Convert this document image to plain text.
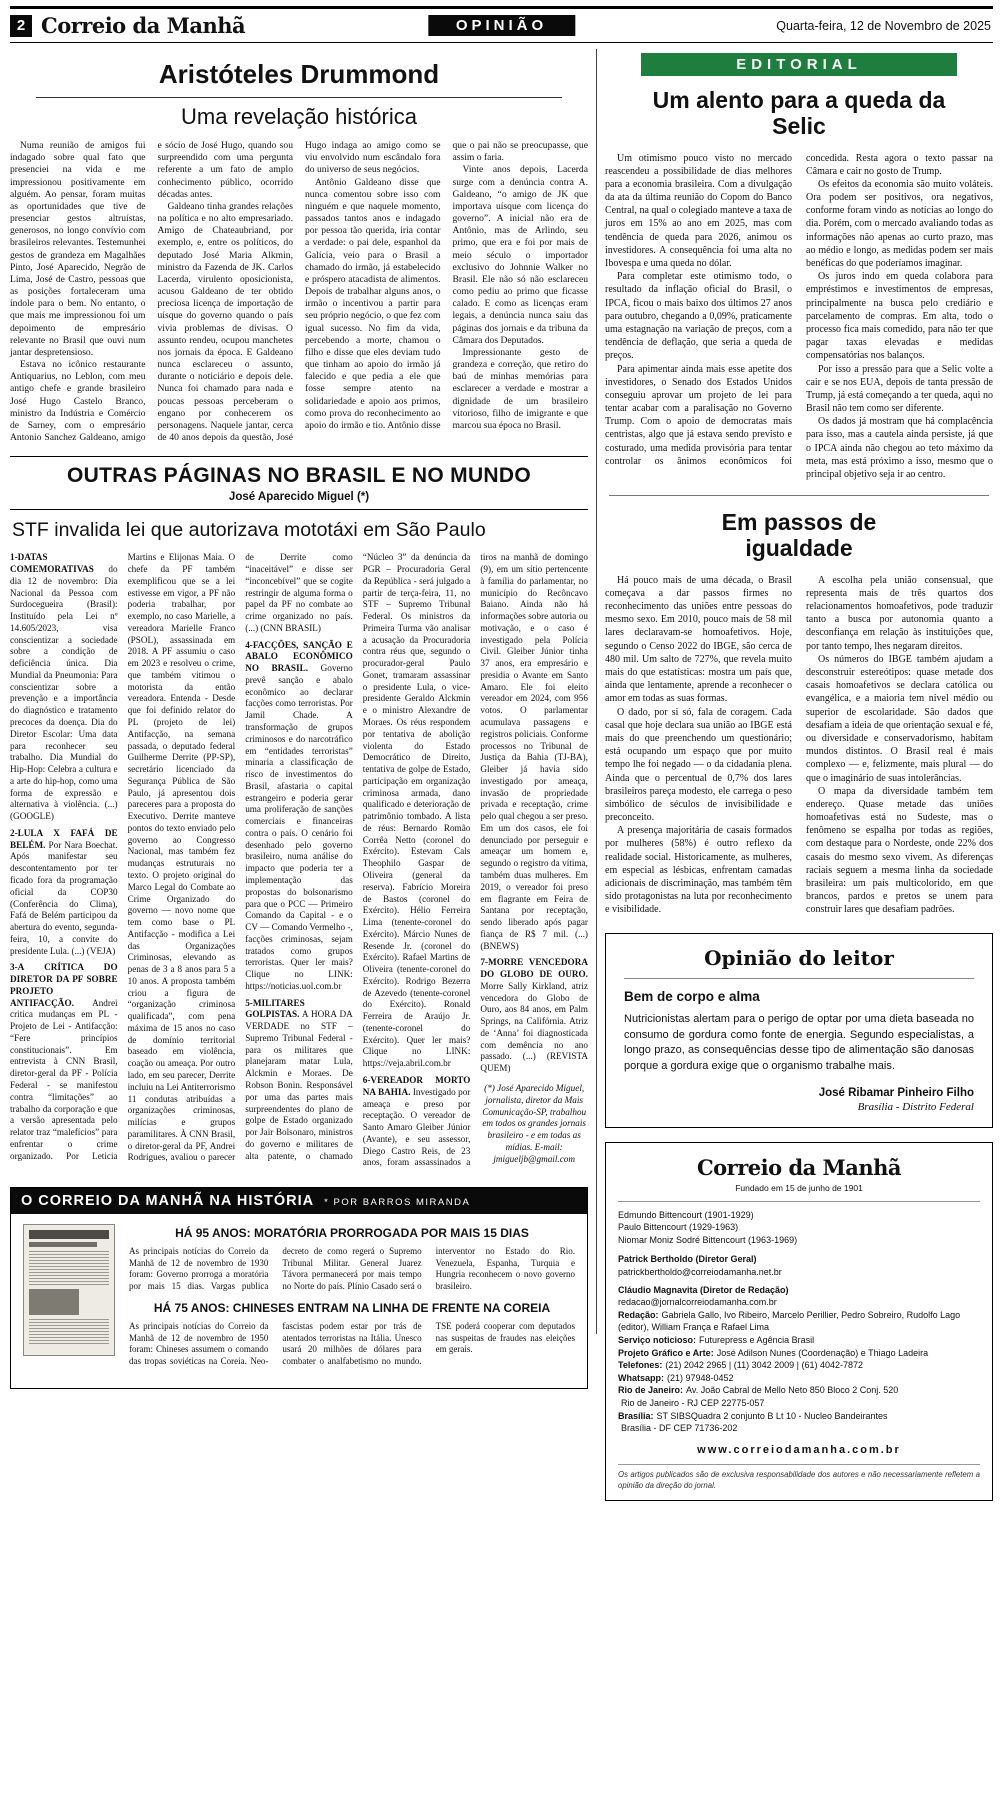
2 Correio da Manhã	OPINIÃO	Quarta-feira, 12 de Novembro de 2025
Aristóteles Drummond
Uma revelação histórica

Numa reunião de amigos fui indagado sobre qual fato que presenciei na vida e me impressionou positivamente em alguém. Ao pensar, foram muitas as oportunidades que tive de presenciar gestos altruístas, generosos, no longo convívio com brasileiros relevantes. Testemunhei gestos de grandeza em Magalhães Pinto, José Aparecido, Negrão de Lima, José de Castro, pessoas que as posições fortaleceram uma índole para o bem. No entanto, o que mais me impressionou foi um depoimento de empresário relevante no Brasil que ouvi num jantar despretensioso.

Estava no icônico restaurante Antiquarius, no Leblon, com meu antigo chefe e grande brasileiro José Hugo Castelo Branco, ministro da Indústria e Comércio de Sarney, com o empresário Antonio Sanchez Galdeano, amigo e sócio de José Hugo, quando sou surpreendido com uma pergunta referente a um fato de amplo conhecimento público, ocorrido décadas antes.

Galdeano tinha grandes relações na política e no alto empresariado. Amigo de Chateaubriand, por exemplo, e, entre os políticos, do deputado José Maria Alkmin, ministro da Fazenda de JK. Carlos Lacerda, virulento oposicionista, acusou Galdeano de ter obtido preciosa licença de importação de uísque do governo quando o país vivia problemas de divisas. O assunto rendeu, ocupou manchetes nos jornais da época. E Galdeano nunca esclareceu o assunto, durante o noticiário e depois dele. Nunca foi chamado para nada e poucas pessoas perceberam o engano por conhecerem os personagens. Naquele jantar, cerca de 40 anos depois da questão, José Hugo indaga ao amigo como se viu envolvido num escândalo fora do universo de seus negócios.

Antônio Galdeano disse que nunca comentou sobre isso com ninguém e que naquele momento, passados tantos anos e indagado por pessoa tão querida, iria contar a verdade: o pai dele, espanhol da Galícia, veio para o Brasil a chamado do irmão, já estabelecido e próspero atacadista de alimentos. Depois de trabalhar alguns anos, o irmão o incentivou a partir para seu próprio negócio, o que fez com igual sucesso. No fim da vida, percebendo a morte, chamou o filho e disse que eles deviam tudo que tinham ao apoio do irmão já falecido e que pedia a ele que fosse sempre atento na solidariedade e apoio aos primos, como prova do reconhecimento ao apoio do irmão e tio. Antônio disse que o pai não se preocupasse, que assim o faria.

Vinte anos depois, Lacerda surge com a denúncia contra A. Galdeano, “o amigo de JK que importava uísque com licença do governo”. A inicial não era de Antônio, mas de Arlindo, seu primo, que era e foi por mais de meio século o importador exclusivo do Johnnie Walker no Brasil. Ele não só não esclareceu como pediu ao primo que ficasse calado. E como as licenças eram legais, a denúncia nunca saiu das páginas dos jornais e da tribuna da Câmara dos Deputados.

Impressionante gesto de grandeza e correção, que retiro do baú de minhas memórias para esclarecer a verdade e mostrar a dignidade de um brasileiro vitorioso, filho de imigrante e que marcou sua época no Brasil.

OUTRAS PÁGINAS NO BRASIL E NO MUNDO
José Aparecido Miguel (*)
STF invalida lei que autorizava mototáxi em São Paulo

1-DATAS COMEMORATIVAS do dia 12 de novembro: Dia Nacional da Pessoa com Surdocegueira (Brasil): Instituído pela Lei nº 14.605/2023, visa conscientizar a sociedade sobre a condição de deficiência única. Dia Mundial da Pneumonia: Para conscientizar sobre a prevenção e a importância do diagnóstico e tratamento precoces da doença. Dia do Diretor Escolar: Uma data para reconhecer seu trabalho. Dia Mundial do Hip-Hop: Celebra a cultura e a arte do hip-hop, como uma forma de expressão e alternativa à violência. (...) (GOOGLE)

2-LULA X FAFÁ DE BELÉM. Por Nara Boechat. Após manifestar seu descontentamento por ter ficado fora da programação oficial da COP30 (Conferência do Clima), Fafá de Belém participou da abertura do evento, segunda-feira, 10, a convite do presidente Lula. (...) (VEJA)

3-A CRÍTICA DO DIRETOR DA PF SOBRE PROJETO ANTIFACÇÃO. Andrei critica mudanças em PL - Projeto de Lei - Antifacção: “Fere princípios constitucionais”. Em entrevista à CNN Brasil, diretor-geral da PF - Polícia Federal - se manifestou contra “limitações” ao trabalho da corporação e que a versão apresentada pelo relator traz “malefícios” para enfrentar o crime organizado. Por Leticia Martins e Elijonas Maia. O chefe da PF também exemplificou que se a lei estivesse em vigor, a PF não poderia trabalhar, por exemplo, no caso Marielle, a vereadora Marielle Franco (PSOL), assassinada em 2018. A PF assumiu o caso em 2023 e resolveu o crime, que também vitimou o motorista da então vereadora. Entenda - Desde que foi definido relator do PL (projeto de lei) Antifacção, na semana passada, o deputado federal Guilherme Derrite (PP-SP), secretário licenciado da Segurança Pública de São Paulo, já apresentou dois pareceres para a proposta do Executivo. Derrite manteve pontos do texto enviado pelo governo ao Congresso Nacional, mas também fez mudanças estruturais no texto. O projeto original do Marco Legal do Combate ao Crime Organizado do governo — novo nome que tem como base o PL Antifacção - modifica a Lei das Organizações Criminosas, elevando as penas de 3 a 8 anos para 5 a 10 anos. A proposta também criou a figura de “organização criminosa qualificada”, com pena máxima de 15 anos no caso de domínio territorial baseado em violência, coação ou ameaça. Por outro lado, em seu parecer, Derrite incluiu na Lei Antiterrorismo 11 condutas atribuídas a organizações criminosas, milícias e grupos paramilitares. À CNN Brasil, o diretor-geral da PF, Andrei Rodrigues, avaliou o parecer de Derrite como “inaceitável” e disse ser “inconcebível” que se cogite restringir de alguma forma o papel da PF no combate ao crime organizado no país. (...) (CNN BRASIL)

4-FACÇÕES, SANÇÃO E ABALO ECONÔMICO NO BRASIL. Governo prevê sanção e abalo econômico ao declarar facções como terroristas. Por Jamil Chade. A transformação de grupos criminosos e do narcotráfico em “entidades terroristas” minaria a classificação de risco de investimentos do Brasil, afastaria o capital estrangeiro e poderia gerar uma proliferação de sanções comerciais e financeiras contra o país. O cenário foi desenhado pelo governo brasileiro, numa análise do impacto que poderia ter a implementação das propostas do bolsonarismo para que o PCC — Primeiro Comando da Capital - e o CV — Comando Vermelho -, facções criminosas, sejam tratados como grupos terroristas. Quer ler mais? Clique no LINK: https://noticias.uol.com.br

5-MILITARES GOLPISTAS. A HORA DA VERDADE no STF – Supremo Tribunal Federal - para os militares que planejaram matar Lula, Alckmin e Moraes. De Robson Bonin. Responsável por uma das partes mais surpreendentes do plano de golpe de Estado organizado por Jair Bolsonaro, ministros do governo e militares de alta patente, o chamado “Núcleo 3” da denúncia da PGR – Procuradoria Geral da República - será julgado a partir de terça-feira, 11, no STF – Supremo Tribunal Federal. Os ministros da Primeira Turma vão analisar a acusação da Procuradoria contra réus que, segundo o procurador-geral Paulo Gonet, tramaram assassinar o presidente Lula, o vice-presidente Geraldo Alckmin e o ministro Alexandre de Moraes. Os réus respondem por tentativa de abolição violenta do Estado Democrático de Direito, tentativa de golpe de Estado, participação em organização criminosa armada, dano qualificado e deterioração de patrimônio tombado. A lista de réus: Bernardo Romão Corrêa Netto (coronel do Exército). Estevam Cals Theophilo Gaspar de Oliveira (general da reserva). Fabrício Moreira de Bastos (coronel do Exército). Hélio Ferreira Lima (tenente-coronel do Exército). Márcio Nunes de Resende Jr. (coronel do Exército). Rafael Martins de Oliveira (tenente-coronel do Exército). Rodrigo Bezerra de Azevedo (tenente-coronel do Exército). Ronald Ferreira de Araújo Jr. (tenente-coronel do Exército). Quer ler mais? Clique no LINK: https://veja.abril.com.br

6-VEREADOR MORTO NA BAHIA. Investigado por ameaça e preso por receptação. O vereador de Santo Amaro Gleiber Júnior (Avante), e seu assessor, Diego Castro Reis, de 23 anos, foram assassinados a tiros na manhã de domingo (9), em um sítio pertencente à família do parlamentar, no município do Recôncavo Baiano. Ainda não há informações sobre autoria ou motivação, e o caso é investigado pela Polícia Civil. Gleiber Júnior tinha 37 anos, era empresário e presidia o Avante em Santo Amaro. Ele foi eleito vereador em 2024, com 956 votos. O parlamentar acumulava passagens e registros policiais. Conforme processos no Tribunal de Justiça da Bahia (TJ-BA), Gleiber já havia sido investigado por ameaça, invasão de propriedade privada e receptação, crime pelo qual chegou a ser preso. Em um dos casos, ele foi denunciado por perseguir e ameaçar um homem e, segundo o registro da vítima, também duas mulheres. Em 2019, o vereador foi preso em flagrante em Feira de Santana por receptação, sendo liberado após pagar fiança de R$ 7 mil. (...) (BNEWS)

7-MORRE VENCEDORA DO GLOBO DE OURO. Morre Sally Kirkland, atriz vencedora do Globo de Ouro, aos 84 anos, em Palm Springs, na Califórnia. Atriz de ‘Anna’ foi diagnosticada com demência no ano passado. (...) (REVISTA QUEM)

(*) José Aparecido Miguel, jornalista, diretor da Mais Comunicação-SP, trabalhou em todos os grandes jornais brasileiro - e em todas as mídias. E-mail: jmigueljb@gmail.com

O CORREIO DA MANHÃ NA HISTÓRIA * POR BARROS MIRANDA
HÁ 95 ANOS: MORATÓRIA PRORROGADA POR MAIS 15 DIAS
As principais notícias do Correio da Manhã de 12 de novembro de 1930 foram: Governo prorroga a moratória por mais 15 dias. Vargas publica decreto de como regerá o Supremo Tribunal Militar. General Juarez Távora permanecerá por mais tempo no Norte do país. Plínio Casado será o interventor no Estado do Rio. Venezuela, Espanha, Turquia e Hungria reconhecem o novo governo brasileiro.
HÁ 75 ANOS: CHINESES ENTRAM NA LINHA DE FRENTE NA COREIA
As principais notícias do Correio da Manhã de 12 de novembro de 1950 foram: Chineses assumem o comando das tropas soviéticas na Coreia. Neo-fascistas podem estar por trás de atentados terroristas na Itália. Unesco usará 20 milhões de dólares para combater o analfabetismo no mundo. TSE poderá cooperar com deputados nas suspeitas de fraudes nas eleições em gerais.
EDITORIAL
Um alento para a queda da Selic

Um otimismo pouco visto no mercado reascendeu a possibilidade de dias melhores para a economia brasileira. Com a divulgação da ata da última reunião do Copom do Banco Central, na qual o colegiado manteve a taxa de juros em 15% ao ano em 2025, mas com tendência de queda para 2026, animou os investidores. A consequência foi uma alta no Ibovespa e uma queda no dólar.

Para completar este otimismo todo, o resultado da inflação oficial do Brasil, o IPCA, ficou o mais baixo dos últimos 27 anos para outubro, chegando a 0,09%, praticamente uma estagnação na variação de preços, com a tendência de deflação, que seria a queda de preços.

Para apimentar ainda mais esse apetite dos investidores, o Senado dos Estados Unidos conseguiu aprovar um projeto de lei para tentar acabar com a paralisação no Governo Trump. Com o apoio de democratas mais centristas, algo que já estava sendo previsto e costurado, uma medida provisória para tentar controlar os ânimos econômicos foi concedida. Resta agora o texto passar na Câmara e cair no gosto de Trump.

Os efeitos da economia são muito voláteis. Ora podem ser positivos, ora negativos, conforme foram vindo as notícias ao longo do dia. Porém, com o mercado avaliando todas as informações não apenas ao curto prazo, mas ao médio e longo, as medidas podem ser mais benéficas do que poderíamos imaginar.

Os juros indo em queda colabora para empréstimos e investimentos de empresas, principalmente na busca pelo crediário e parcelamento de compras. Em alta, todo o processo fica mais comedido, para não ter que pagar taxas elevadas e medidas compensatórias nos balanços.

Por isso a pressão para que a Selic volte a cair e se nos EUA, depois de tanta pressão de Trump, já está começando a ter queda, aqui no Brasil não tem como ser diferente.

Os dados já mostram que há complacência para isso, mas a cautela ainda persiste, já que o IPCA ainda não chegou ao teto máximo da meta, mas está próximo a isso, mesmo que o principal objetivo seja ir ao centro.

Em passos de igualdade

Há pouco mais de uma década, o Brasil começava a dar passos firmes no reconhecimento das uniões entre pessoas do mesmo sexo. Em 2010, pouco mais de 58 mil lares declaravam-se homoafetivos. Hoje, segundo o Censo 2022 do IBGE, são cerca de 480 mil. Um salto de 727%, que revela muito mais do que estatísticas: mostra um país que, ainda que lentamente, aprende a reconhecer o amor em todas as suas formas.

O dado, por si só, fala de coragem. Cada casal que hoje declara sua união ao IBGE está mais do que preenchendo um questionário; está ocupando um espaço que por muito tempo lhe foi negado — o da cidadania plena. Ainda que o percentual de 0,7% dos lares brasileiros pareça modesto, ele carrega o peso simbólico de séculos de invisibilidade e preconceito.

A presença majoritária de casais formados por mulheres (58%) é outro reflexo da realidade social. Historicamente, as mulheres, em especial as lésbicas, enfrentam camadas adicionais de discriminação, mas também têm sido protagonistas na luta por reconhecimento e visibilidade.

A escolha pela união consensual, que representa mais de três quartos dos relacionamentos homoafetivos, pode traduzir tanto a busca por autonomia quanto a desconfiança em relação às instituições que, por tanto tempo, lhes negaram direitos.

Os números do IBGE também ajudam a desconstruir estereótipos: quase metade dos casais homoafetivos se declara católica ou evangélica, e a maioria tem nível médio ou superior de escolaridade. São dados que desafiam a ideia de que orientação sexual e fé, ou diversidade e conservadorismo, habitam mundos distintos. O Brasil real é mais complexo — e, felizmente, mais plural — do que o imaginário de suas intolerâncias.

O mapa da diversidade também tem endereço. Quase metade das uniões homoafetivas está no Sudeste, mas o fenômeno se espalha por todas as regiões, com destaque para o Nordeste, onde 22% dos casais do mesmo sexo vivem. As diferenças raciais seguem a mesma linha da sociedade brasileira: um país multicolorido, em que brancos, pardos e pretos se unem para construir lares que desafiam padrões.

Opinião do leitor
Bem de corpo e alma

Nutricionistas alertam para o perigo de optar por uma dieta baseada no consumo de gordura como fonte de energia. Segundo especialistas, a longo prazo, as consequências desse tipo de alimentação são danosas porque a gordura exige que o organismo trabalhe mais.

José Ribamar Pinheiro Filho
Brasília - Distrito Federal
Correio da Manhã
Fundado em 15 de junho de 1901
Edmundo Bittencourt (1901-1929)
Paulo Bittencourt (1929-1963)
Niomar Moniz Sodré Bittencourt (1963-1969)
Patrick Bertholdo (Diretor Geral)
patrickbertholdo@correiodamanha.net.br
Cláudio Magnavita (Diretor de Redação)
redacao@jornalcorreiodamanha.com.br
Redação: Gabriela Gallo, Ivo Ribeiro, Marcelo Perillier, Pedro Sobreiro, Rudolfo Lago (editor), William França e Rafael Lima
Serviço noticioso: Futurepress e Agência Brasil
Projeto Gráfico e Arte: José Adilson Nunes (Coordenação) e Thiago Ladeira
Telefones: (21) 2042 2965 | (11) 3042 2009 | (61) 4042-7872
Whatsapp: (21) 97948-0452
Rio de Janeiro: Av. João Cabral de Mello Neto 850 Bloco 2 Conj. 520
Rio de Janeiro - RJ CEP 22775-057
Brasília: ST SIBSQuadra 2 conjunto B Lt 10 - Nucleo Bandeirantes
Brasília - DF CEP 71736-202
www.correiodamanha.com.br
Os artigos publicados são de exclusiva responsabilidade dos autores e não necessariamente refletem a opinião da direção do jornal.
